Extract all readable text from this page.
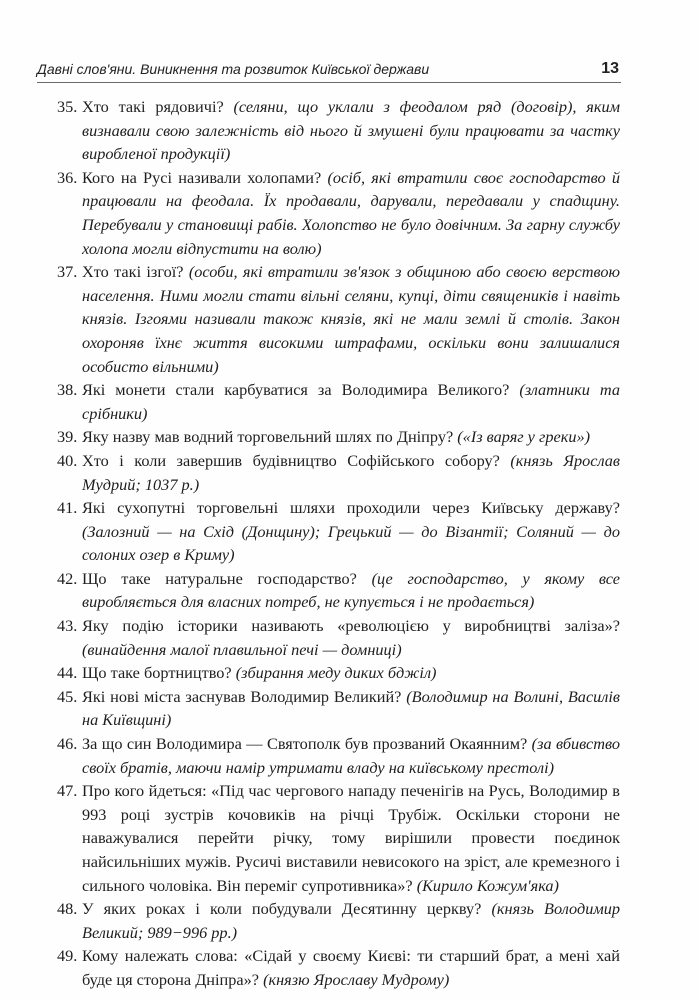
Давні слов'яни. Виникнення та розвиток Київської держави	13
35. Хто такі рядовичі? (селяни, що уклали з феодалом ряд (договір), яким визнавали свою залежність від нього й змушені були працювати за частку виробленої продукції)
36. Кого на Русі називали холопами? (осіб, які втратили своє господарство й працювали на феодала. Їх продавали, дарували, передавали у спадщину. Перебували у становищі рабів. Холопство не було довічним. За гарну службу холопа могли відпустити на волю)
37. Хто такі ізгої? (особи, які втратили зв'язок з общиною або своєю верствою населення. Ними могли стати вільні селяни, купці, діти священиків і навіть князів. Ізгоями називали також князів, які не мали землі й столів. Закон охороняв їхнє життя високими штрафами, оскільки вони залишалися особисто вільними)
38. Які монети стали карбуватися за Володимира Великого? (златники та срібники)
39. Яку назву мав водний торговельний шлях по Дніпру? («Із варяг у греки»)
40. Хто і коли завершив будівництво Софійського собору? (князь Ярослав Мудрий; 1037 р.)
41. Які сухопутні торговельні шляхи проходили через Київську державу? (Залозний — на Схід (Донщину); Грецький — до Візантії; Соляний — до солоних озер в Криму)
42. Що таке натуральне господарство? (це господарство, у якому все виробляється для власних потреб, не купується і не продається)
43. Яку подію історики називають «революцією у виробництві заліза»? (винайдення малої плавильної печі — домниці)
44. Що таке бортництво? (збирання меду диких бджіл)
45. Які нові міста заснував Володимир Великий? (Володимир на Волині, Василів на Київщині)
46. За що син Володимира — Святополк був прозваний Окаянним? (за вбивство своїх братів, маючи намір утримати владу на київському престолі)
47. Про кого йдеться: «Під час чергового нападу печенігів на Русь, Володимир в 993 році зустрів кочовиків на річці Трубіж. Оскільки сторони не наважувалися перейти річку, тому вирішили провести поєдинок найсильніших мужів. Русичі виставили невисокого на зріст, але кремезного і сильного чоловіка. Він переміг супротивника»? (Кирило Кожум'яка)
48. У яких роках і коли побудували Десятинну церкву? (князь Володимир Великий; 989−996 рр.)
49. Кому належать слова: «Сідай у своєму Києві: ти старший брат, а мені хай буде ця сторона Дніпра»? (князю Ярославу Мудрому)
